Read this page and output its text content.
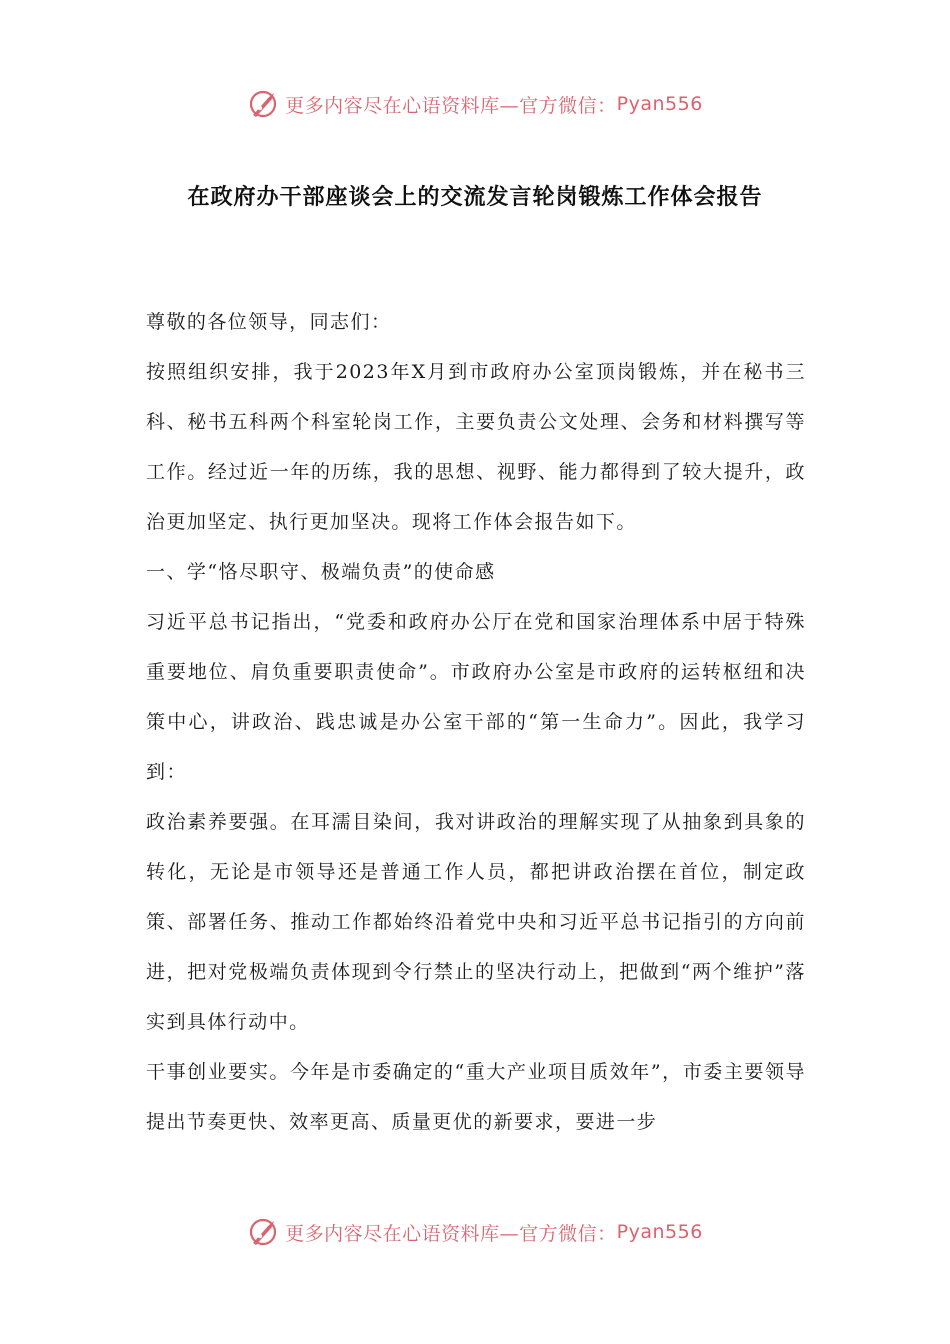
更多内容尽在心语资料库—官方微信： Pyan556
在政府办干部座谈会上的交流发言轮岗锻炼工作体会报告

尊敬的各位领导，同志们：

按照组织安排，我于2023年X月到市政府办公室顶岗锻炼，并在秘书三科、秘书五科两个科室轮岗工作，主要负责公文处理、会务和材料撰写等工作。经过近一年的历练，我的思想、视野、能力都得到了较大提升，政治更加坚定、执行更加坚决。现将工作体会报告如下。

一、学“恪尽职守、极端负责”的使命感

习近平总书记指出，“党委和政府办公厅在党和国家治理体系中居于特殊重要地位、肩负重要职责使命”。市政府办公室是市政府的运转枢纽和决策中心，讲政治、践忠诚是办公室干部的“第一生命力”。因此，我学习到：

政治素养要强。在耳濡目染间，我对讲政治的理解实现了从抽象到具象的转化，无论是市领导还是普通工作人员，都把讲政治摆在首位，制定政策、部署任务、推动工作都始终沿着党中央和习近平总书记指引的方向前进，把对党极端负责体现到令行禁止的坚决行动上，把做到“两个维护”落实到具体行动中。

干事创业要实。今年是市委确定的“重大产业项目质效年”，市委主要领导提出节奏更快、效率更高、质量更优的新要求，要进一步

更多内容尽在心语资料库—官方微信： Pyan556
